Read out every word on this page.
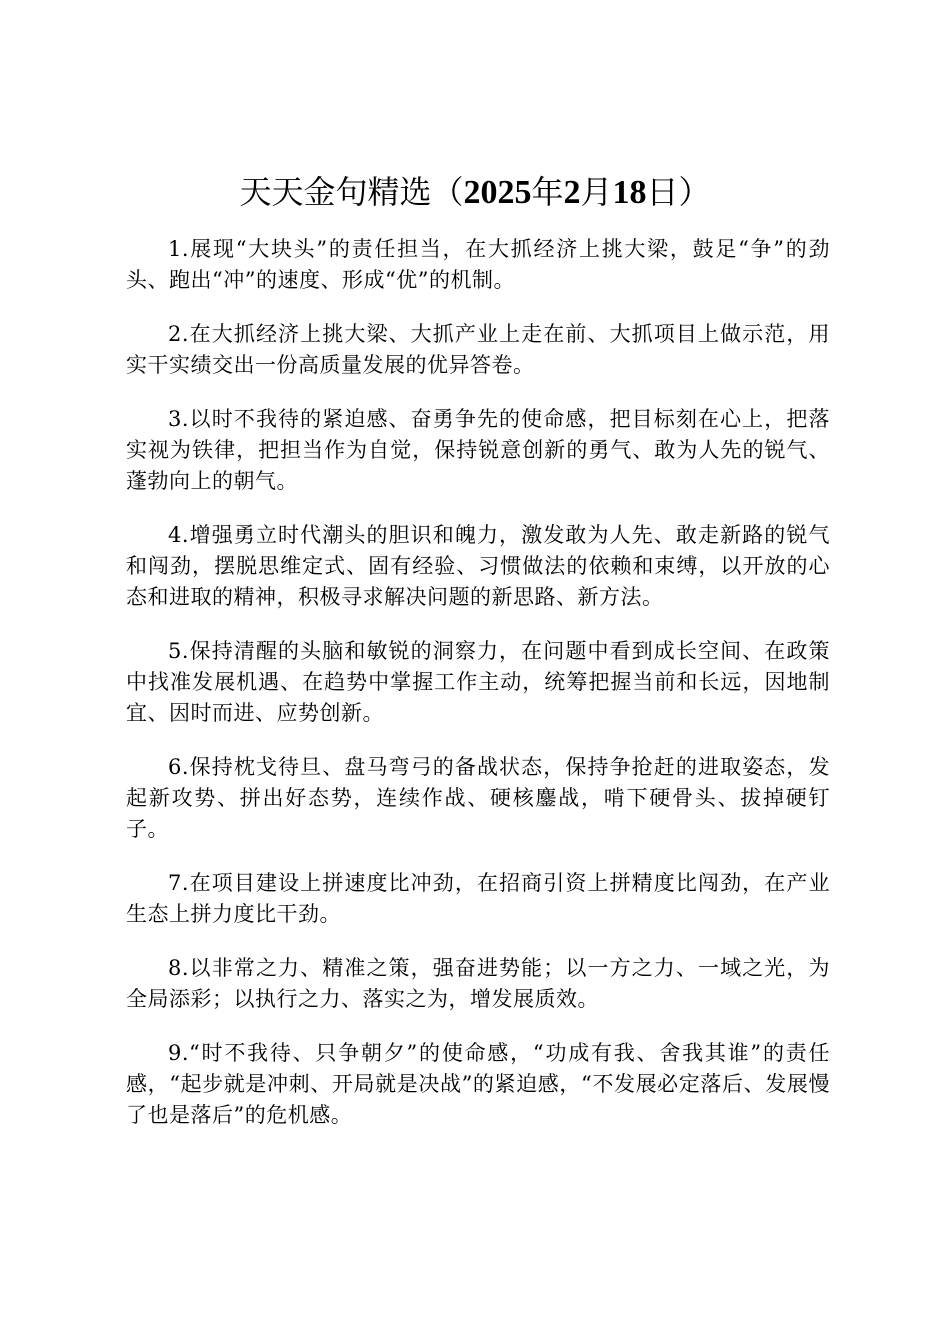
天天金句精选（2025年2月18日）

1.展现“大块头”的责任担当，在大抓经济上挑大梁，鼓足“争”的劲头、跑出“冲”的速度、形成“优”的机制。

2.在大抓经济上挑大梁、大抓产业上走在前、大抓项目上做示范，用实干实绩交出一份高质量发展的优异答卷。

3.以时不我待的紧迫感、奋勇争先的使命感，把目标刻在心上，把落实视为铁律，把担当作为自觉，保持锐意创新的勇气、敢为人先的锐气、蓬勃向上的朝气。

4.增强勇立时代潮头的胆识和魄力，激发敢为人先、敢走新路的锐气和闯劲，摆脱思维定式、固有经验、习惯做法的依赖和束缚，以开放的心态和进取的精神，积极寻求解决问题的新思路、新方法。

5.保持清醒的头脑和敏锐的洞察力，在问题中看到成长空间、在政策中找准发展机遇、在趋势中掌握工作主动，统筹把握当前和长远，因地制宜、因时而进、应势创新。

6.保持枕戈待旦、盘马弯弓的备战状态，保持争抢赶的进取姿态，发起新攻势、拼出好态势，连续作战、硬核鏖战，啃下硬骨头、拔掉硬钉子。

7.在项目建设上拼速度比冲劲，在招商引资上拼精度比闯劲，在产业生态上拼力度比干劲。

8.以非常之力、精准之策，强奋进势能；以一方之力、一域之光，为全局添彩；以执行之力、落实之为，增发展质效。

9.“时不我待、只争朝夕”的使命感，“功成有我、舍我其谁”的责任感，“起步就是冲刺、开局就是决战”的紧迫感，“不发展必定落后、发展慢了也是落后”的危机感。
